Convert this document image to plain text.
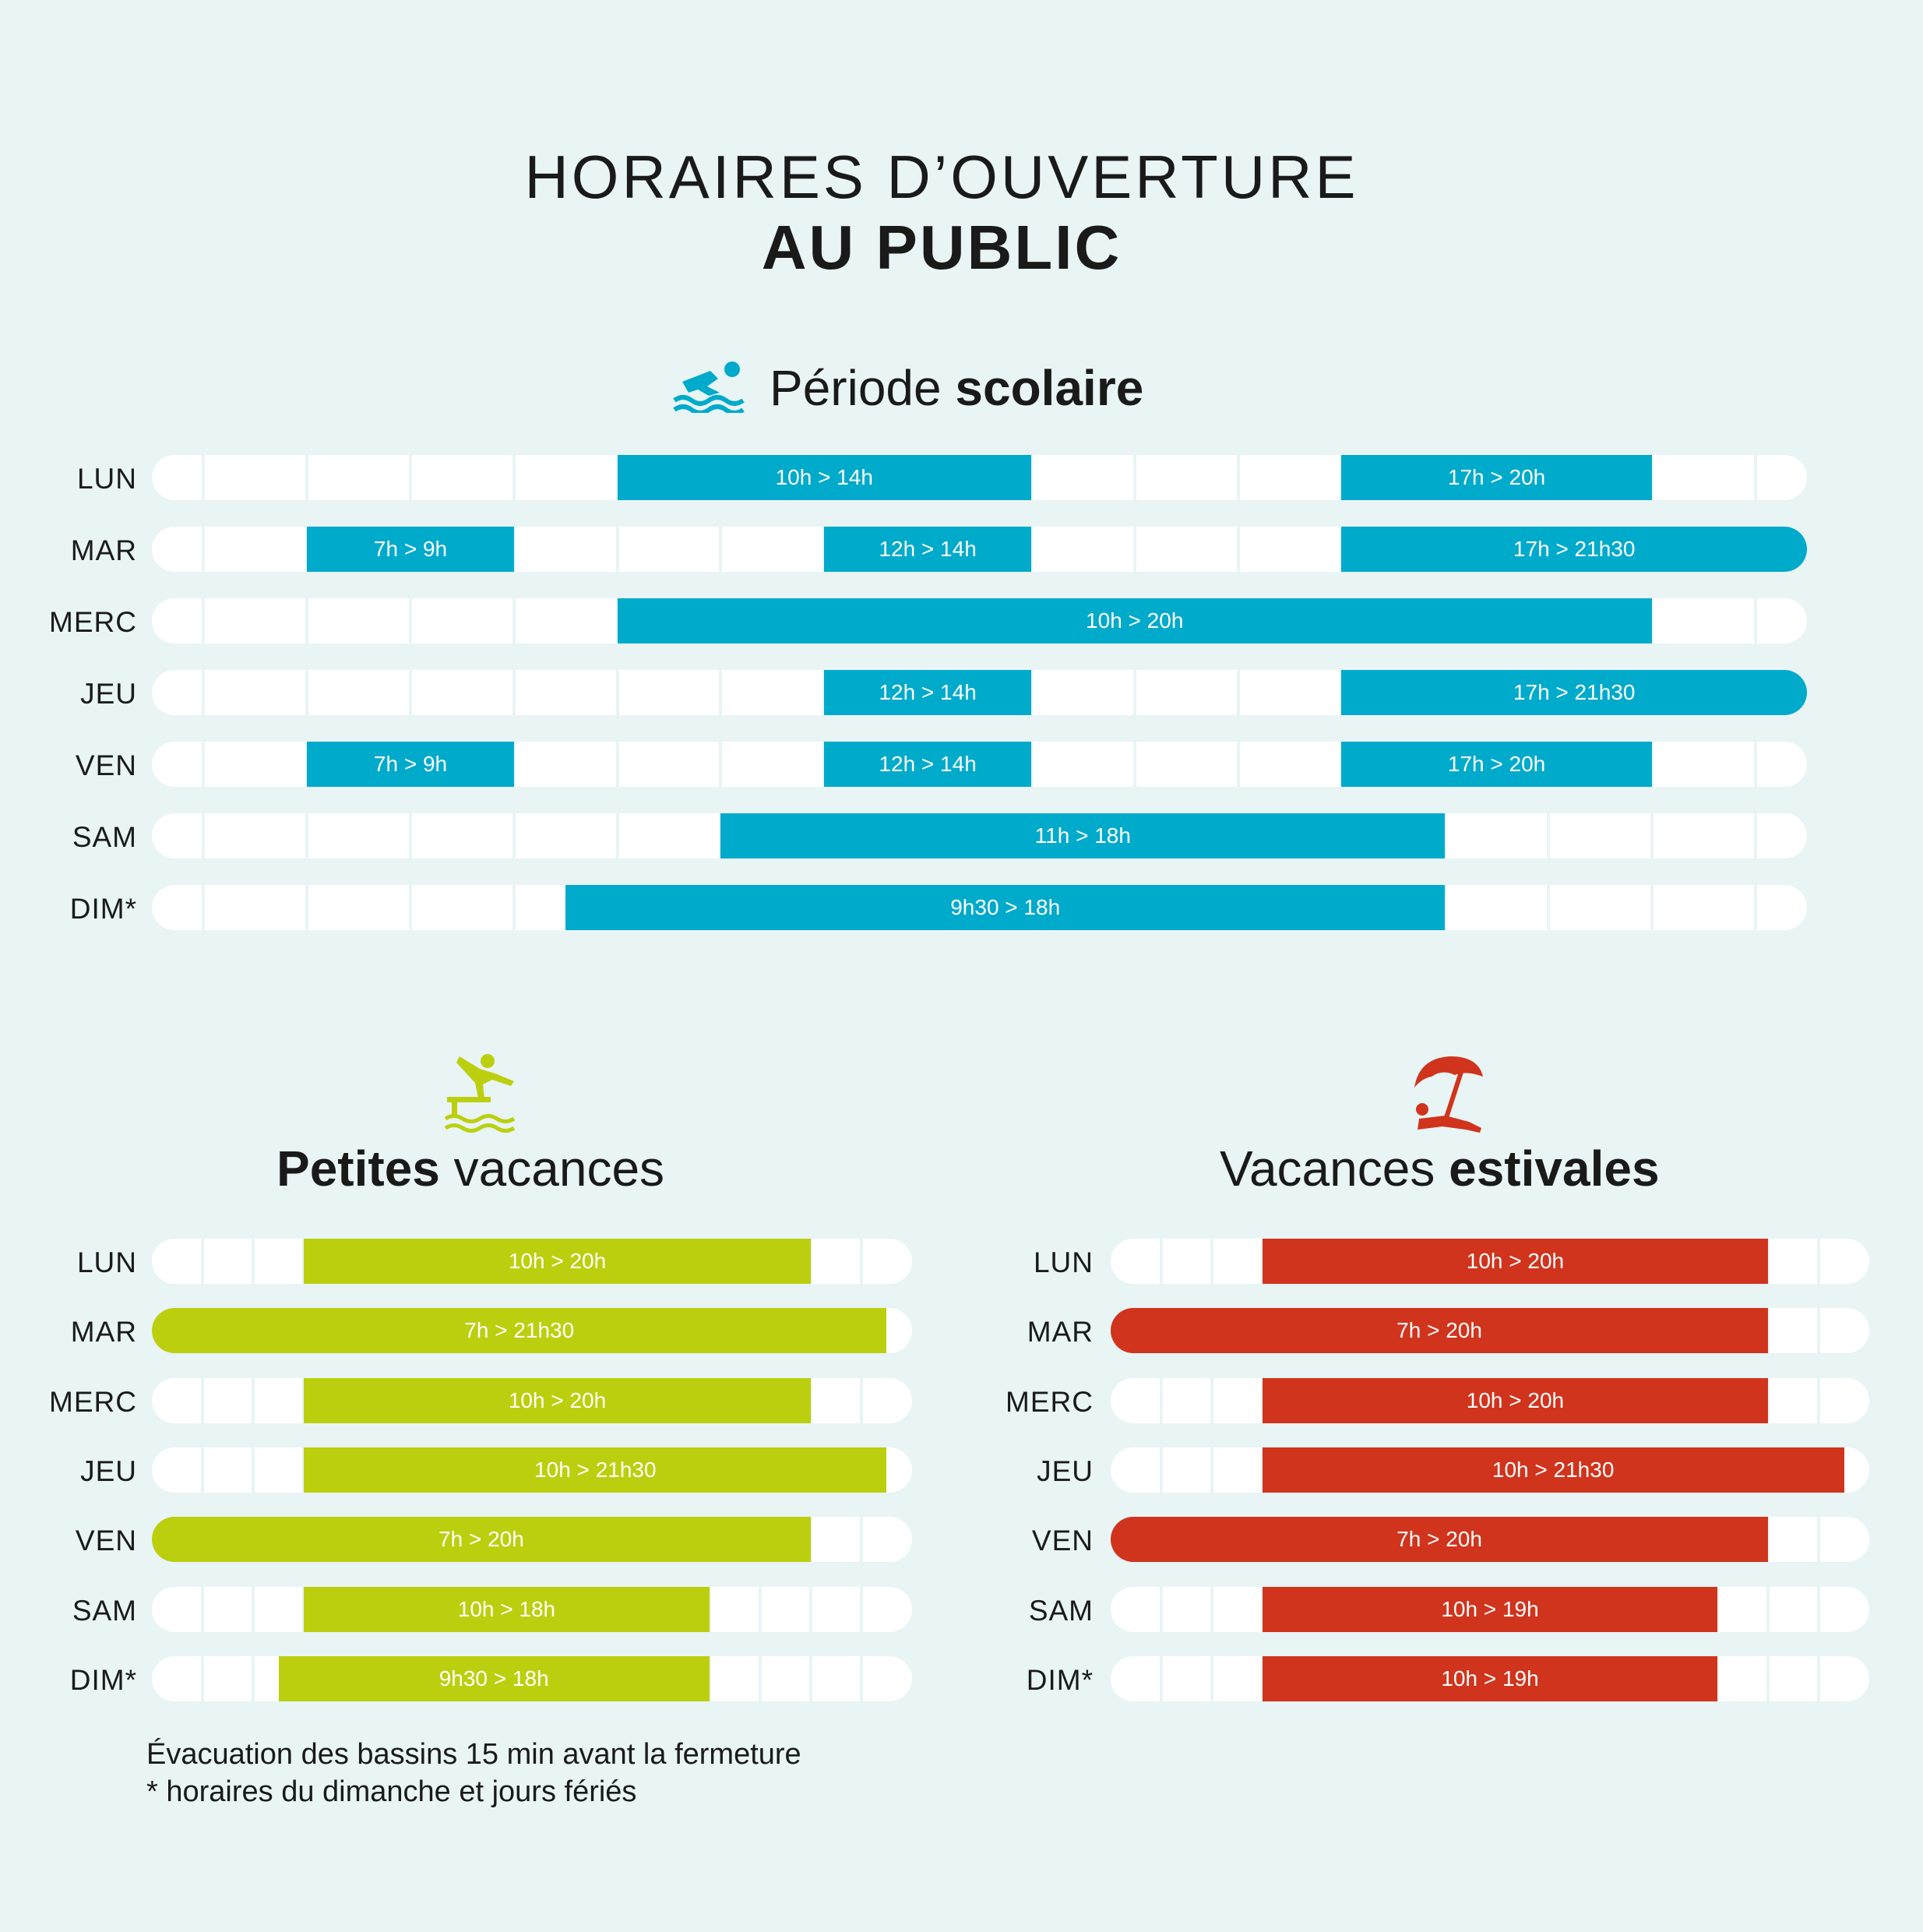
HORAIRES D’OUVERTURE
AU PUBLIC
Période scolaire
LUN	10h > 14h	17h > 20h
MAR	7h > 9h	12h > 14h	17h > 21h30
MERC	10h > 20h
JEU	12h > 14h	17h > 21h30
VEN	7h > 9h	12h > 14h	17h > 20h
SAM	11h > 18h
DIM*	9h30 > 18h
Petites vacances
LUN	10h > 20h
MAR	7h > 21h30
MERC	10h > 20h
JEU	10h > 21h30
VEN	7h > 20h
SAM	10h > 18h
DIM*	9h30 > 18h
Vacances estivales
LUN	10h > 20h
MAR	7h > 20h
MERC	10h > 20h
JEU	10h > 21h30
VEN	7h > 20h
SAM	10h > 19h
DIM*	10h > 19h
Évacuation des bassins 15 min avant la fermeture
* horaires du dimanche et jours fériés
